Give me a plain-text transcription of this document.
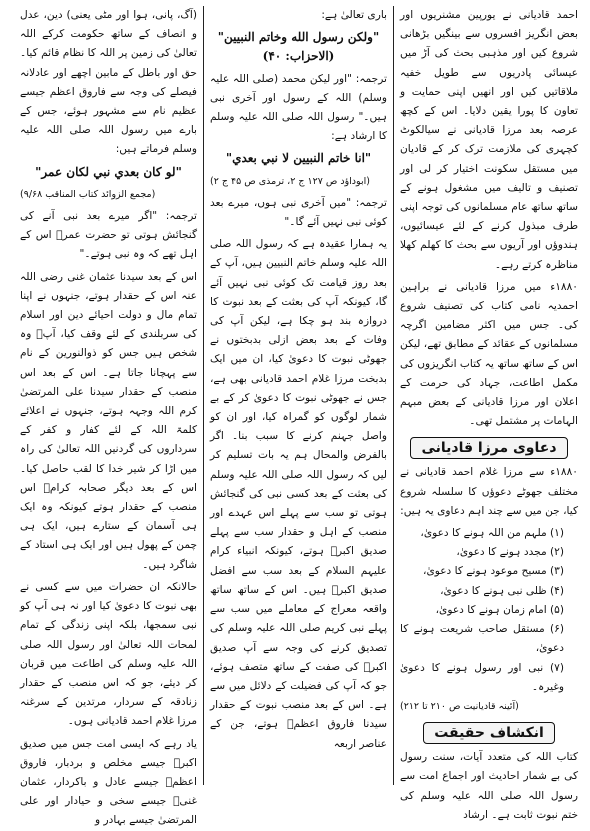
احمد قادیانی نے یورپین مشنریوں اور بعض انگریز افسروں سے بینگیں بڑھانی شروع کیں اور مذہبی بحث کی آڑ میں عیسائی پادریوں سے طویل خفیہ ملاقاتیں کیں اور انھیں اپنی حمایت و تعاون کا پورا یقین دلایا۔ اس کے کچھ عرصہ بعد مرزا قادیانی نے سیالکوٹ کچہری کی ملازمت ترک کر کے قادیان میں مستقل سکونت اختیار کر لی اور تصنیف و تالیف میں مشغول ہونے کے ساتھ ساتھ عام مسلمانوں کی توجہ اپنی طرف مبذول کرنے کے لئے عیسائیوں، ہندوؤں اور آریوں سے بحث کا کھلم کھلا مناظرہ کرتے رہے۔

۱۸۸۰ء میں مرزا قادیانی نے براہین احمدیہ نامی کتاب کی تصنیف شروع کی۔ جس میں اکثر مضامین اگرچہ مسلمانوں کے عقائد کے مطابق تھے، لیکن اس کے ساتھ ساتھ یہ کتاب انگریزوں کی مکمل اطاعت، جہاد کی حرمت کے اعلان اور مرزا قادیانی کے بعض مبہم الہامات پر مشتمل تھی۔

دعاوی مرزا قادیانی

۱۸۸۰ء سے مرزا غلام احمد قادیانی نے مختلف جھوٹے دعوؤں کا سلسلہ شروع کیا، جن میں سے چند اہم دعاوی یہ ہیں:

(۱) ملہم من اللہ ہونے کا دعویٰ،
(۲) مجدد ہونے کا دعویٰ،
(۳) مسیح موعود ہونے کا دعویٰ،
(۴) ظلی نبی ہونے کا دعویٰ،
(۵) امام زمان ہونے کا دعویٰ،
(۶) مستقل صاحب شریعت ہونے کا دعویٰ،
(۷) نبی اور رسول ہونے کا دعویٰ وغیرہ۔

(آئینہ قادیانیت ص ۲۱۰ تا ۲۱۲)

انکشاف حقیقت

کتاب اللہ کی متعدد آیات، سنت رسول کی بے شمار احادیث اور اجماع امت سے رسول اللہ صلی اللہ علیہ وسلم کی ختم نبوت ثابت ہے۔ ارشاد

باری تعالیٰ ہے:

"ولكن رسول الله وخاتم النبيين" (الاحزاب: ۴۰)

ترجمہ: "اور لیکن محمد (صلی اللہ علیہ وسلم) اللہ کے رسول اور آخری نبی ہیں۔" رسول اللہ صلی اللہ علیہ وسلم کا ارشاد ہے:

"انا خاتم النبيين لا نبي بعدي"

(ابوداؤد ص ۱۲۷ ج ۲، ترمذی ص ۴۵ ج ۲)

ترجمہ: "میں آخری نبی ہوں، میرے بعد کوئی نبی نہیں آئے گا۔"

یہ ہمارا عقیدہ ہے کہ رسول اللہ صلی اللہ علیہ وسلم خاتم النبیین ہیں، آپ کے بعد روز قیامت تک کوئی نبی نہیں آئے گا، کیونکہ آپ کی بعثت کے بعد نبوت کا دروازہ بند ہو چکا ہے، لیکن آپ کی وفات کے بعد بعض ازلی بدبختوں نے جھوٹی نبوت کا دعویٰ کیا، ان میں ایک بدبخت مرزا غلام احمد قادیانی بھی ہے، جس نے جھوٹی نبوت کا دعویٰ کر کے بے شمار لوگوں کو گمراہ کیا، اور ان کو واصل جہنم کرنے کا سبب بنا۔ اگر بالفرض والمحال ہم یہ بات تسلیم کر لیں کہ رسول اللہ صلی اللہ علیہ وسلم کی بعثت کے بعد کسی نبی کی گنجائش ہوتی تو سب سے پہلے اس عہدے اور منصب کے اہل و حقدار سب سے پہلے صدیق اکبرؓ ہوتے، کیونکہ انبیاء کرام علیہم السلام کے بعد سب سے افضل صدیق اکبرؓ ہیں۔ اس کے ساتھ ساتھ واقعہ معراج کے معاملے میں سب سے پہلے نبی کریم صلی اللہ علیہ وسلم کی تصدیق کرنے کی وجہ سے آپ صدیق اکبرؓ کی صفت کے ساتھ متصف ہوئے، جو کہ آپ کی فضیلت کے دلائل میں سے ہے۔ اس کے بعد منصب نبوت کے حقدار سیدنا فاروق اعظمؓ ہوتے، جن کے عناصر اربعہ

(آگ، پانی، ہوا اور مٹی یعنی) دین، عدل و انصاف کے ساتھ حکومت کرکے اللہ تعالیٰ کی زمین پر اللہ کا نظام قائم کیا۔ حق اور باطل کے مابین اچھے اور عادلانہ فیصلے کی وجہ سے فاروق اعظم جیسے عظیم نام سے مشہور ہوئے، جس کے بارے میں رسول اللہ صلی اللہ علیہ وسلم فرماتے ہیں:

"لو كان بعدي نبي لكان عمر"

(مجمع الزوائد کتاب المناقب ۹/۶۸)

ترجمہ: "اگر میرے بعد نبی آنے کی گنجائش ہوتی تو حضرت عمرؓ اس کے اہل تھے کہ وہ نبی ہوتے۔"

اس کے بعد سیدنا عثمان غنی رضی اللہ عنہ اس کے حقدار ہوتے، جنہوں نے اپنا تمام مال و دولت احیائے دین اور اسلام کی سربلندی کے لئے وقف کیا، آپؓ وہ شخص ہیں جس کو ذوالنورین کے نام سے پہچانا جاتا ہے۔ اس کے بعد اس منصب کے حقدار سیدنا علی المرتضیٰ کرم اللہ وجہہ ہوتے، جنہوں نے اعلائے کلمۃ اللہ کے لئے کفار و کفر کے سرداروں کی گردنیں اللہ تعالیٰ کی راہ میں اڑا کر شیر خدا کا لقب حاصل کیا۔ اس کے بعد دیگر صحابہ کرامؓ اس منصب کے حقدار ہوتے کیونکہ وہ ایک ہی آسمان کے ستارے ہیں، ایک ہی چمن کے پھول ہیں اور ایک ہی استاد کے شاگرد ہیں۔

حالانکہ ان حضرات میں سے کسی نے بھی نبوت کا دعویٰ کیا اور نہ ہی آپ کو نبی سمجھا، بلکہ اپنی زندگی کے تمام لمحات اللہ تعالیٰ اور رسول اللہ صلی اللہ علیہ وسلم کی اطاعت میں قربان کر دیئے، جو کہ اس منصب کے حقدار زنادقہ کے سردار، مرتدین کے سرغنہ مرزا غلام احمد قادیانی ہوں۔

یاد رہے کہ ایسی امت جس میں صدیق اکبرؓ جیسے مخلص و بردبار، فاروق اعظمؓ جیسے عادل و باکردار، عثمان غنیؓ جیسے سخی و حیادار اور علی المرتضیٰ جیسے بہادر و
